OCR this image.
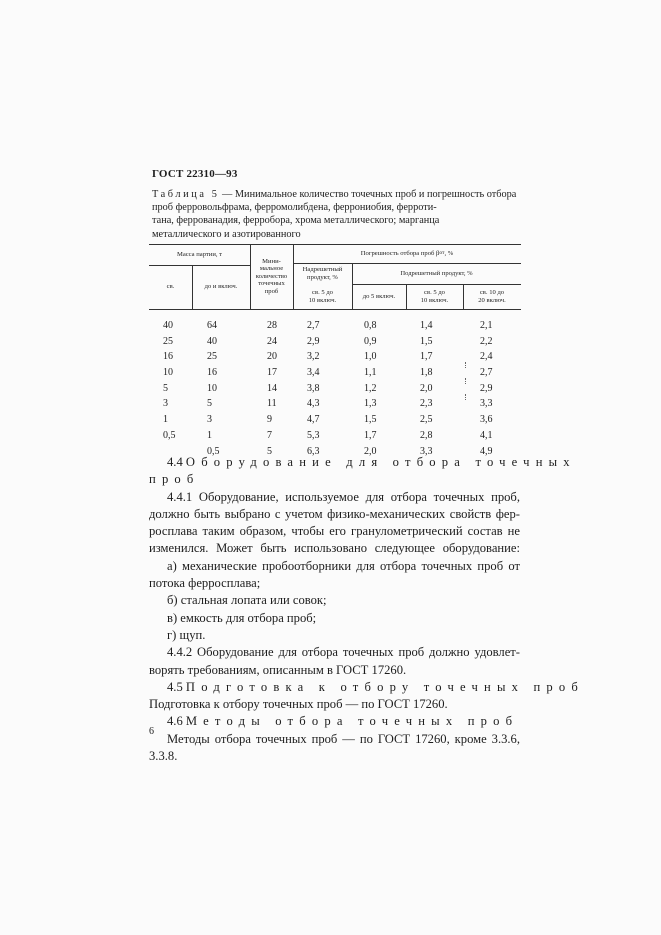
ГОСТ 22310—93
Таблица 5 — Минимальное количество точечных проб и погрешность отбора
проб ферровольфрама, ферромолибдена, феррониобия, ферроти-
тана, феррованадия, ферробора, хрома металлического; марганца
металлического и азотированного
Масса партии, т
св.	до и включ.
Мини-
мальное
количество
точечных
проб
Погрешность отбора проб
β от , %
Надрешетный
продукт, %
Подрешетный продукт, %
св. 5 до
10 включ.
до 5 включ.
св. 5 до
10 включ.
св. 10 до
20 включ.
40
25
16
10
5
3
1
0,5
64
40
25
16
10
5
3
1
0,5
28
24
20
17
14
11
9
7
5
2,7
2,9
3,2
3,4
3,8
4,3
4,7
5,3
6,3
0,8
0,9
1,0
1,1
1,2
1,3
1,5
1,7
2,0
1,4
1,5
1,7
1,8
2,0
2,3
2,5
2,8
3,3
2,1
2,2
2,4
2,7
2,9
3,3
3,6
4,1
4,9
4.4 Оборудование для отбора точечных
проб
4.4.1 Оборудование, используемое для отбора точечных проб,
должно быть выбрано с учетом физико-механических свойств фер-
росплава таким образом, чтобы его гранулометрический состав не
изменился. Может быть использовано следующее оборудование:
а) механические пробоотборники для отбора точечных проб от
потока ферросплава;
б) стальная лопата или совок;
в) емкость для отбора проб;
г) щуп.
4.4.2 Оборудование для отбора точечных проб должно удовлет-
ворять требованиям, описанным в ГОСТ 17260.
4.5 Подготовка к отбору точечных проб
Подготовка к отбору точечных проб — по ГОСТ 17260.
4.6 Методы отбора точечных проб
Методы отбора точечных проб — по ГОСТ 17260, кроме 3.3.6,
3.3.8.
6
